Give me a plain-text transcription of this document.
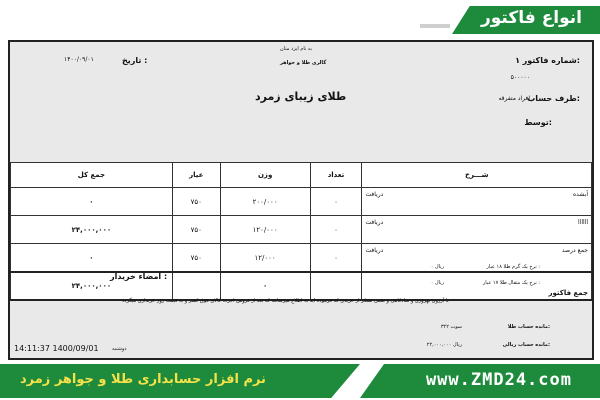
انواع فاکتور
به نام ایزد منان
گالری طلا و جواهر
طلای زیبای زمرد
شماره فاکتور:
۱
۵۰۰۰۰۰
طرف حساب:
افراد متفرقه
توسط:
تاریخ :
۱۴۰۰/۰۹/۰۱
شـــرح	تعداد	وزن	عیار	جمع کل

آبشده
دریافت	۰	۲۰۰/۰۰۰	۷۵۰	۰

llllll
دریافت	۰	۱۲۰/۰۰۰	۷۵۰	۲۴,۰۰۰,۰۰۰

جمع درصد
دریافت	۰	۱۲/۰۰۰	۷۵۰	۰
جمع فاکتور		۰		۲۴,۰۰۰,۰۰۰
نرخ یک گرم طلا ۱۸ عیار :
ریال ۰
نرخ یک مثقال طلا ۱۷ عیار :
ریال ۰
امضاء خریدار :
با آرزوی بهروزی و شادکامی و ضمن تشکر از خریدی که فرموده اید به اطلاع میرسانند که بعد از فروش اجرت کالای فوق کسر و به قیمت روز خریداری میگردد
مانده حساب طلا:
۳۲۲ سوت
مانده حساب ریالی:
۲۲,۰۰۰,۰۰۰ ریال
14:11:37 1400/09/01	دوشنبه
نرم افزار حسابداری طلا و جواهر زمرد	www.ZMD24.com
